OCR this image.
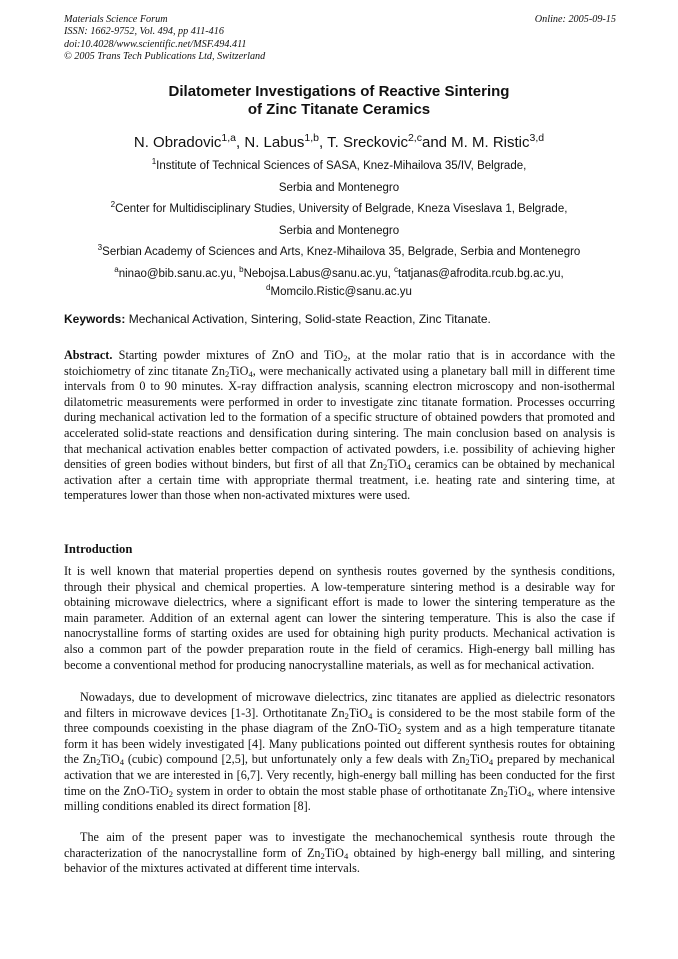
Materials Science Forum
ISSN: 1662-9752, Vol. 494, pp 411-416
doi:10.4028/www.scientific.net/MSF.494.411
© 2005 Trans Tech Publications Ltd, Switzerland
Online: 2005-09-15
Dilatometer Investigations of Reactive Sintering
of Zinc Titanate Ceramics
N. Obradovic$^{1,a}$, N. Labus$^{1,b}$, T. Sreckovic$^{2,c}$and M. M. Ristic$^{3,d}$
$^1$Institute of Technical Sciences of SASA, Knez-Mihailova 35/IV, Belgrade,
Serbia and Montenegro
$^2$Center for Multidisciplinary Studies, University of Belgrade, Kneza Viseslava 1, Belgrade,
Serbia and Montenegro
$^3$Serbian Academy of Sciences and Arts, Knez-Mihailova 35, Belgrade, Serbia and Montenegro
$^a$ninao@bib.sanu.ac.yu, $^b$Nebojsa.Labus@sanu.ac.yu, $^c$tatjanas@afrodita.rcub.bg.ac.yu,
$^d$Momcilo.Ristic@sanu.ac.yu
Keywords: Mechanical Activation, Sintering, Solid-state Reaction, Zinc Titanate.
Abstract. Starting powder mixtures of ZnO and TiO$_2$, at the molar ratio that is in accordance with the stoichiometry of zinc titanate $Zn_2TiO_4$, were mechanically activated using a planetary ball mill in different time intervals from 0 to 90 minutes. X-ray diffraction analysis, scanning electron microscopy and non-isothermal dilatometric measurements were performed in order to investigate zinc titanate formation. Processes occurring during mechanical activation led to the formation of a specific structure of obtained powders that promoted and accelerated solid-state reactions and densification during sintering. The main conclusion based on analysis is that mechanical activation enables better compaction of activated powders, i.e. possibility of achieving higher densities of green bodies without binders, but first of all that $Zn_2TiO_4$ ceramics can be obtained by mechanical activation after a certain time with appropriate thermal treatment, i.e. heating rate and sintering time, at temperatures lower than those when non-activated mixtures were used.
Introduction
It is well known that material properties depend on synthesis routes governed by the synthesis conditions, through their physical and chemical properties. A low-temperature sintering method is a desirable way for obtaining microwave dielectrics, where a significant effort is made to lower the sintering temperature as the main parameter. Addition of an external agent can lower the sintering temperature. This is also the case if nanocrystalline forms of starting oxides are used for obtaining high purity products. Mechanical activation is also a common part of the powder preparation route in the field of ceramics. High-energy ball milling has become a conventional method for producing nanocrystalline materials, as well as for mechanical activation.
Nowadays, due to development of microwave dielectrics, zinc titanates are applied as dielectric resonators and filters in microwave devices [1-3]. Orthotitanate $Zn_2TiO_4$ is considered to be the most stabile form of the three compounds coexisting in the phase diagram of the ZnO-TiO$_2$ system and as a high temperature titanate form it has been widely investigated [4]. Many publications pointed out different synthesis routes for obtaining the $Zn_2TiO_4$ (cubic) compound [2,5], but unfortunately only a few deals with $Zn_2TiO_4$ prepared by mechanical activation that we are interested in [6,7]. Very recently, high-energy ball milling has been conducted for the first time on the ZnO-TiO$_2$ system in order to obtain the most stable phase of orthotitanate $Zn_2TiO_4$, where intensive milling conditions enabled its direct formation [8].
The aim of the present paper was to investigate the mechanochemical synthesis route through the characterization of the nanocrystalline form of $Zn_2TiO_4$ obtained by high-energy ball milling, and sintering behavior of the mixtures activated at different time intervals.
